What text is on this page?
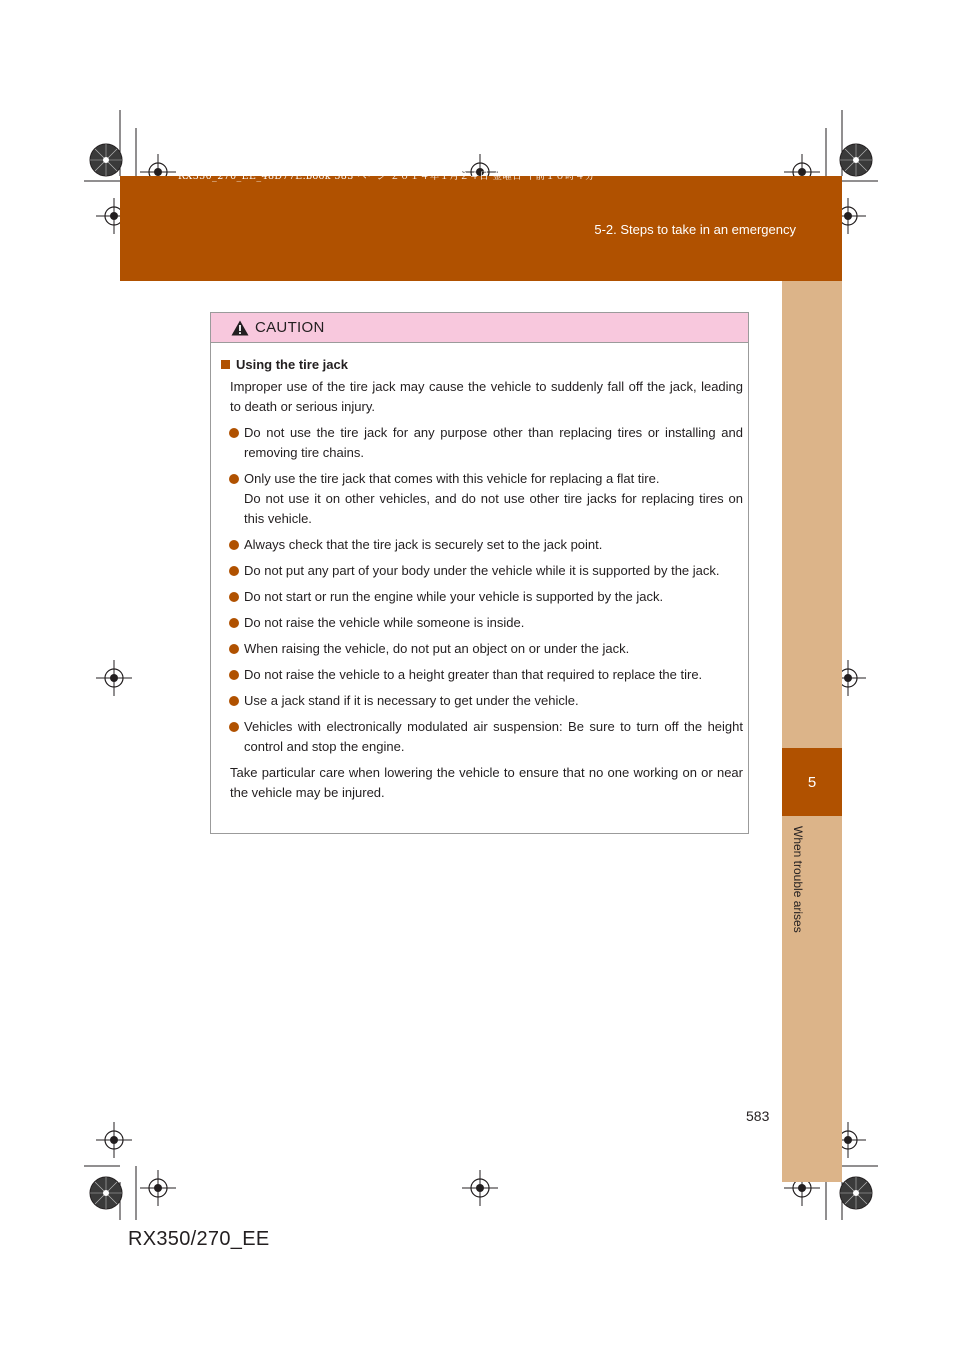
RX350_270_EE_48D77E.book 583 ページ ２０１４年１月２４日 金曜日 午前１０時４分
5-2. Steps to take in an emergency
5
When trouble arises
CAUTION
Using the tire jack
Improper use of the tire jack may cause the vehicle to suddenly fall off the jack, leading to death or serious injury.
Do not use the tire jack for any purpose other than replacing tires or installing and removing tire chains.
Only use the tire jack that comes with this vehicle for replacing a flat tire.
Do not use it on other vehicles, and do not use other tire jacks for replacing tires on this vehicle.
Always check that the tire jack is securely set to the jack point.
Do not put any part of your body under the vehicle while it is supported by the jack.
Do not start or run the engine while your vehicle is supported by the jack.
Do not raise the vehicle while someone is inside.
When raising the vehicle, do not put an object on or under the jack.
Do not raise the vehicle to a height greater than that required to replace the tire.
Use a jack stand if it is necessary to get under the vehicle.
Vehicles with electronically modulated air suspension: Be sure to turn off the height control and stop the engine.
Take particular care when lowering the vehicle to ensure that no one working on or near the vehicle may be injured.
583
RX350/270_EE
